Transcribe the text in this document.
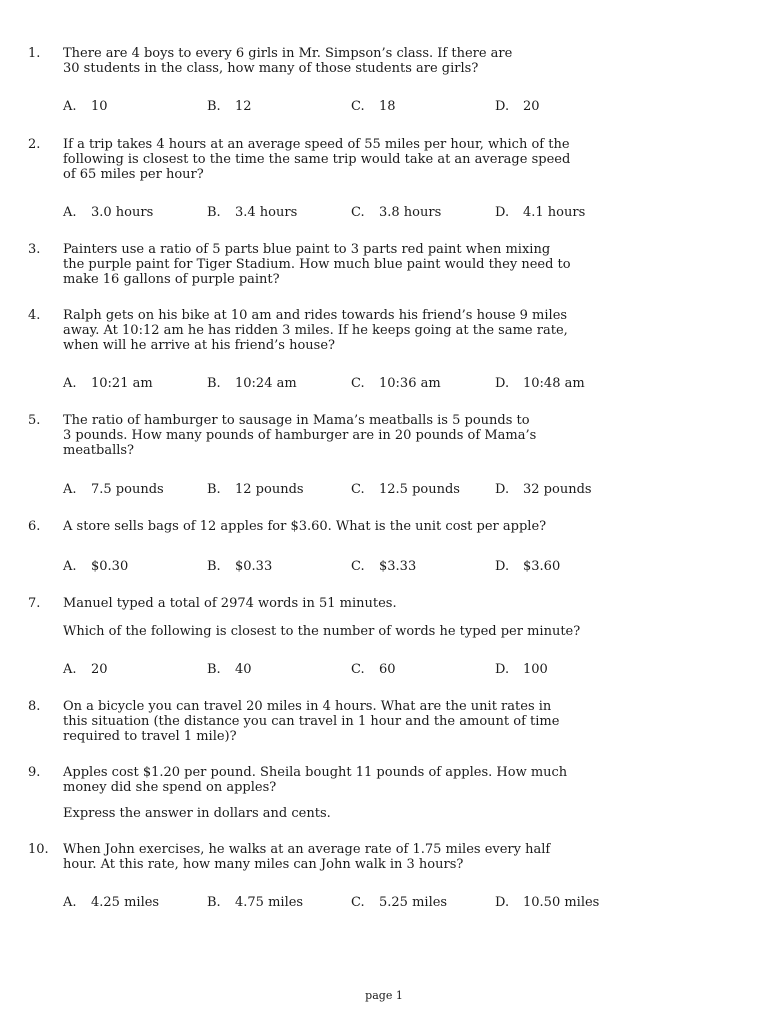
1. There are 4 boys to every 6 girls in Mr. Simpson’s class. If there are
30 students in the class, how many of those students are girls?
A. 10	B. 12	C. 18	D. 20
2. If a trip takes 4 hours at an average speed of 55 miles per hour, which of the
following is closest to the time the same trip would take at an average speed
of 65 miles per hour?
A. 3.0 hours	B. 3.4 hours	C. 3.8 hours	D. 4.1 hours
3. Painters use a ratio of 5 parts blue paint to 3 parts red paint when mixing
the purple paint for Tiger Stadium. How much blue paint would they need to
make 16 gallons of purple paint?
4. Ralph gets on his bike at 10 am and rides towards his friend’s house 9 miles
away. At 10:12 am he has ridden 3 miles. If he keeps going at the same rate,
when will he arrive at his friend’s house?
A. 10:21 am	B. 10:24 am	C. 10:36 am	D. 10:48 am
5. The ratio of hamburger to sausage in Mama’s meatballs is 5 pounds to
3 pounds. How many pounds of hamburger are in 20 pounds of Mama’s
meatballs?
A. 7.5 pounds	B. 12 pounds	C. 12.5 pounds	D. 32 pounds
6. A store sells bags of 12 apples for $3.60. What is the unit cost per apple?
A. $0.30	B. $0.33	C. $3.33	D. $3.60
7. Manuel typed a total of 2974 words in 51 minutes.
Which of the following is closest to the number of words he typed per minute?
A. 20	B. 40	C. 60	D. 100
8. On a bicycle you can travel 20 miles in 4 hours. What are the unit rates in
this situation (the distance you can travel in 1 hour and the amount of time
required to travel 1 mile)?
9. Apples cost $1.20 per pound. Sheila bought 11 pounds of apples. How much
money did she spend on apples?
Express the answer in dollars and cents.
10. When John exercises, he walks at an average rate of 1.75 miles every half
hour. At this rate, how many miles can John walk in 3 hours?
A. 4.25 miles	B. 4.75 miles	C. 5.25 miles	D. 10.50 miles
page 1
